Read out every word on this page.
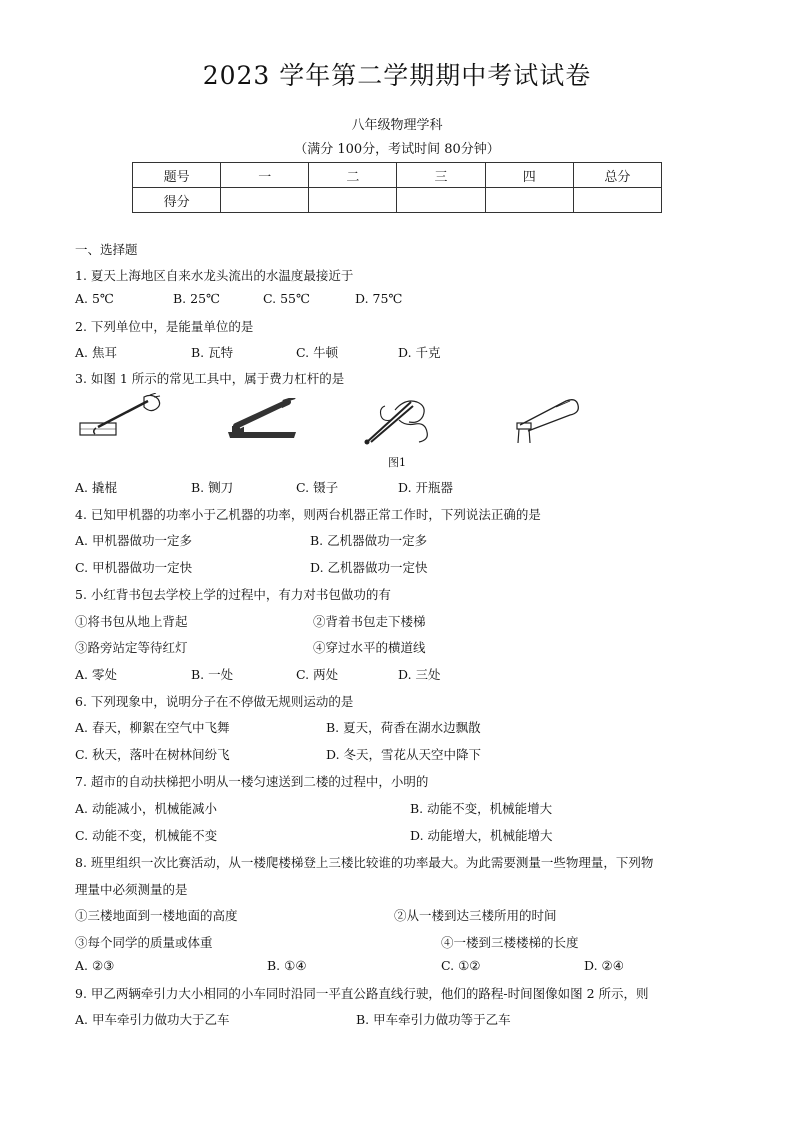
2023 学年第二学期期中考试试卷
八年级物理学科
（满分 100分，考试时间 80分钟）
题号	一	二	三	四	总分
得分					
一、选择题
1. 夏天上海地区自来水龙头流出的水温度最接近于
A. 5℃	B. 25℃	C. 55℃	D. 75℃
2. 下列单位中，是能量单位的是
A. 焦耳	B. 瓦特	C. 牛顿	D. 千克
3. 如图 1 所示的常见工具中，属于费力杠杆的是
图1
A. 撬棍	B. 铡刀	C. 镊子	D. 开瓶器
4. 已知甲机器的功率小于乙机器的功率，则两台机器正常工作时，下列说法正确的是
A. 甲机器做功一定多	B. 乙机器做功一定多
C. 甲机器做功一定快	D. 乙机器做功一定快
5. 小红背书包去学校上学的过程中，有力对书包做功的有
①将书包从地上背起	②背着书包走下楼梯
③路旁站定等待红灯	④穿过水平的横道线
A. 零处	B. 一处	C. 两处	D. 三处
6. 下列现象中，说明分子在不停做无规则运动的是
A. 春天，柳絮在空气中飞舞	B. 夏天，荷香在湖水边飘散
C. 秋天，落叶在树林间纷飞	D. 冬天，雪花从天空中降下
7. 超市的自动扶梯把小明从一楼匀速送到二楼的过程中，小明的
A. 动能减小，机械能减小	B. 动能不变，机械能增大
C. 动能不变，机械能不变	D. 动能增大，机械能增大
8. 班里组织一次比赛活动，从一楼爬楼梯登上三楼比较谁的功率最大。为此需要测量一些物理量，下列物
理量中必须测量的是
①三楼地面到一楼地面的高度	②从一楼到达三楼所用的时间
③每个同学的质量或体重	④一楼到三楼楼梯的长度
A. ②③	B. ①④	C. ①②	D. ②④
9. 甲乙两辆牵引力大小相同的小车同时沿同一平直公路直线行驶，他们的路程-时间图像如图 2 所示，则
A. 甲车牵引力做功大于乙车	B. 甲车牵引力做功等于乙车
